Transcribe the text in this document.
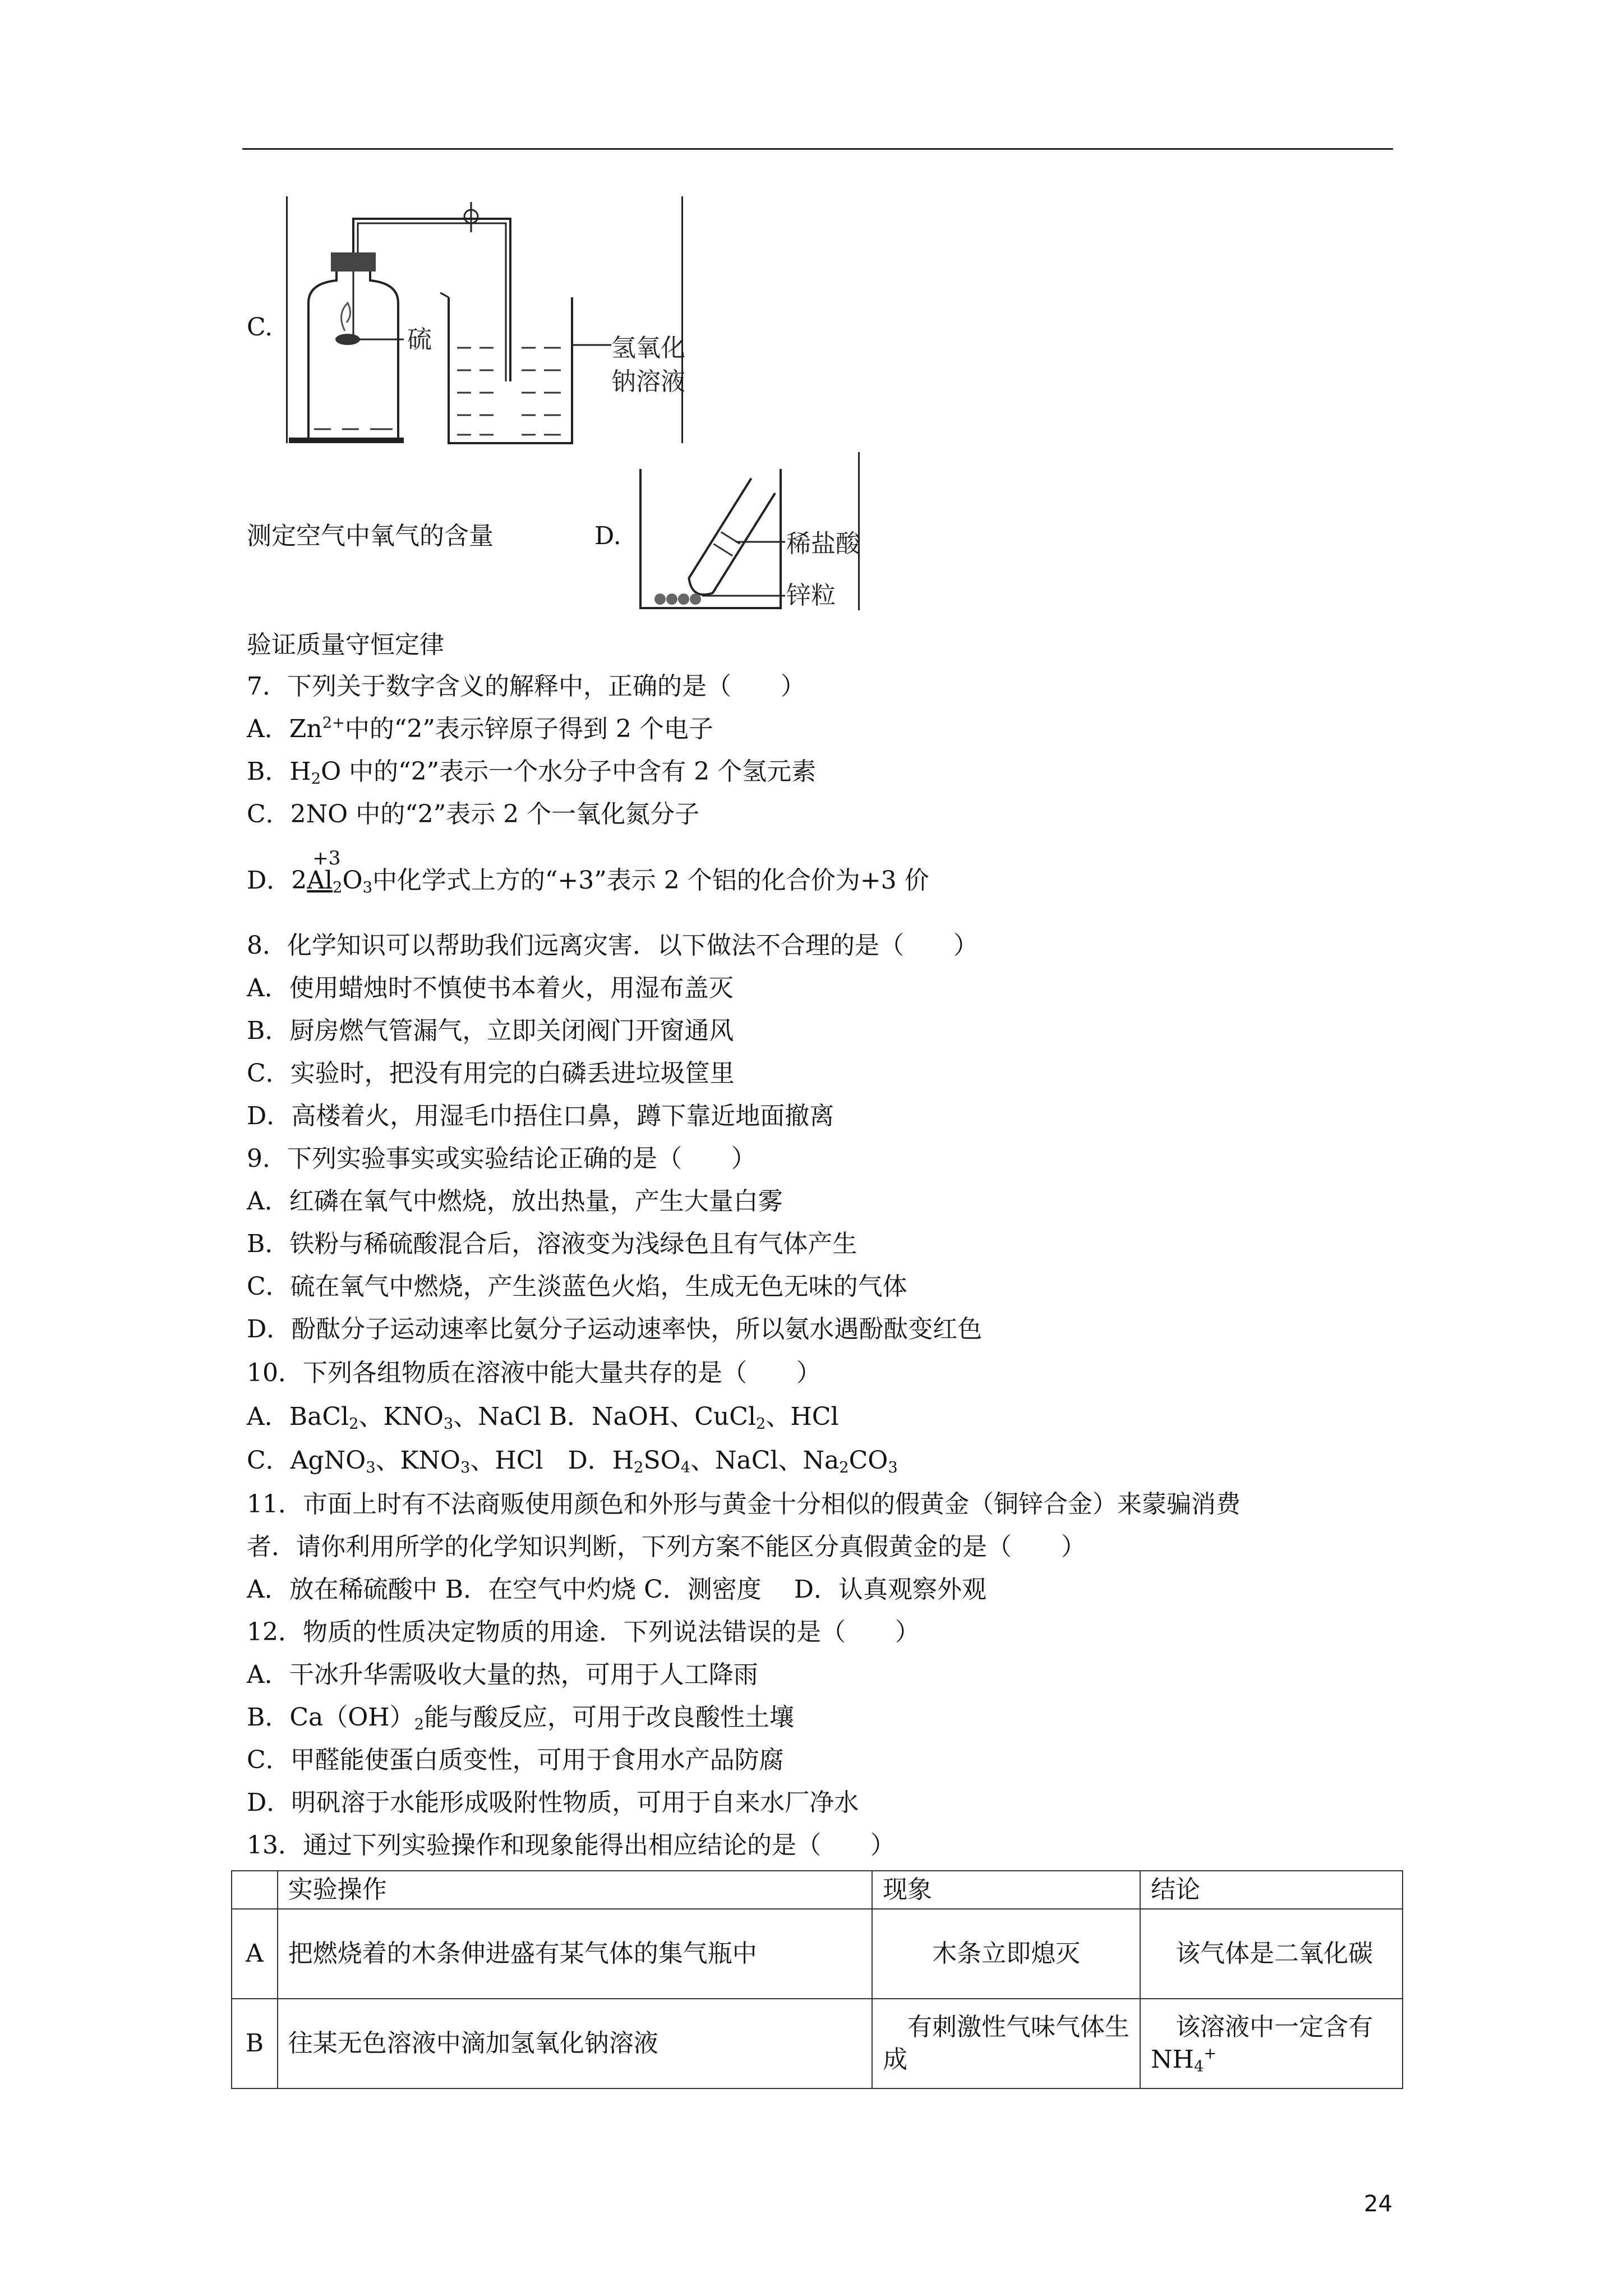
C.	硫	氢氧化
钠溶液
测定空气中氧气的含量	D.	稀盐酸
锌粒
验证质量守恒定律
7．下列关于数字含义的解释中，正确的是（　　）
A．$Zn^{2+}$中的“2”表示锌原子得到 2 个电子
B．$H_2O$ 中的“2”表示一个水分子中含有 2 个氢元素
C．2NO 中的“2”表示 2 个一氧化氮分子
D．2
+3
$Al_2O_3$中化学式上方的“+3”表示 2 个铝的化合价为+3 价
8．化学知识可以帮助我们远离灾害．以下做法不合理的是（　　）
A．使用蜡烛时不慎使书本着火，用湿布盖灭
B．厨房燃气管漏气，立即关闭阀门开窗通风
C．实验时，把没有用完的白磷丢进垃圾筐里
D．高楼着火，用湿毛巾捂住口鼻，蹲下靠近地面撤离
9．下列实验事实或实验结论正确的是（　　）
A．红磷在氧气中燃烧，放出热量，产生大量白雾
B．铁粉与稀硫酸混合后，溶液变为浅绿色且有气体产生
C．硫在氧气中燃烧，产生淡蓝色火焰，生成无色无味的气体
D．酚酞分子运动速率比氨分子运动速率快，所以氨水遇酚酞变红色
10．下列各组物质在溶液中能大量共存的是（　　）
A．BaCl$_2$、$KNO_3$、NaCl B．NaOH、CuCl$_2$、HCl
C．AgNO$_3$、$KNO_3$、HCl　D．$H_2SO_4$、NaCl、$Na_2CO_3$
11．市面上时有不法商贩使用颜色和外形与黄金十分相似的假黄金（铜锌合金）来蒙骗消费
者．请你利用所学的化学知识判断，下列方案不能区分真假黄金的是（　　）
A．放在稀硫酸中 B．在空气中灼烧 C．测密度　 D．认真观察外观
12．物质的性质决定物质的用途．下列说法错误的是（　　）
A．干冰升华需吸收大量的热，可用于人工降雨
B．$Ca(OH)_2$能与酸反应，可用于改良酸性土壤
C．甲醛能使蛋白质变性，可用于食用水产品防腐
D．明矾溶于水能形成吸附性物质，可用于自来水厂净水
13．通过下列实验操作和现象能得出相应结论的是（　　）
	实验操作	现象	结论
A	把燃烧着的木条伸进盛有某气体的集气瓶中	木条立即熄灭	该气体是二氧化碳
B	往某无色溶液中滴加氢氧化钠溶液	有刺激性气味气体生成	该溶液中一定含有 $NH_4^+$
24
